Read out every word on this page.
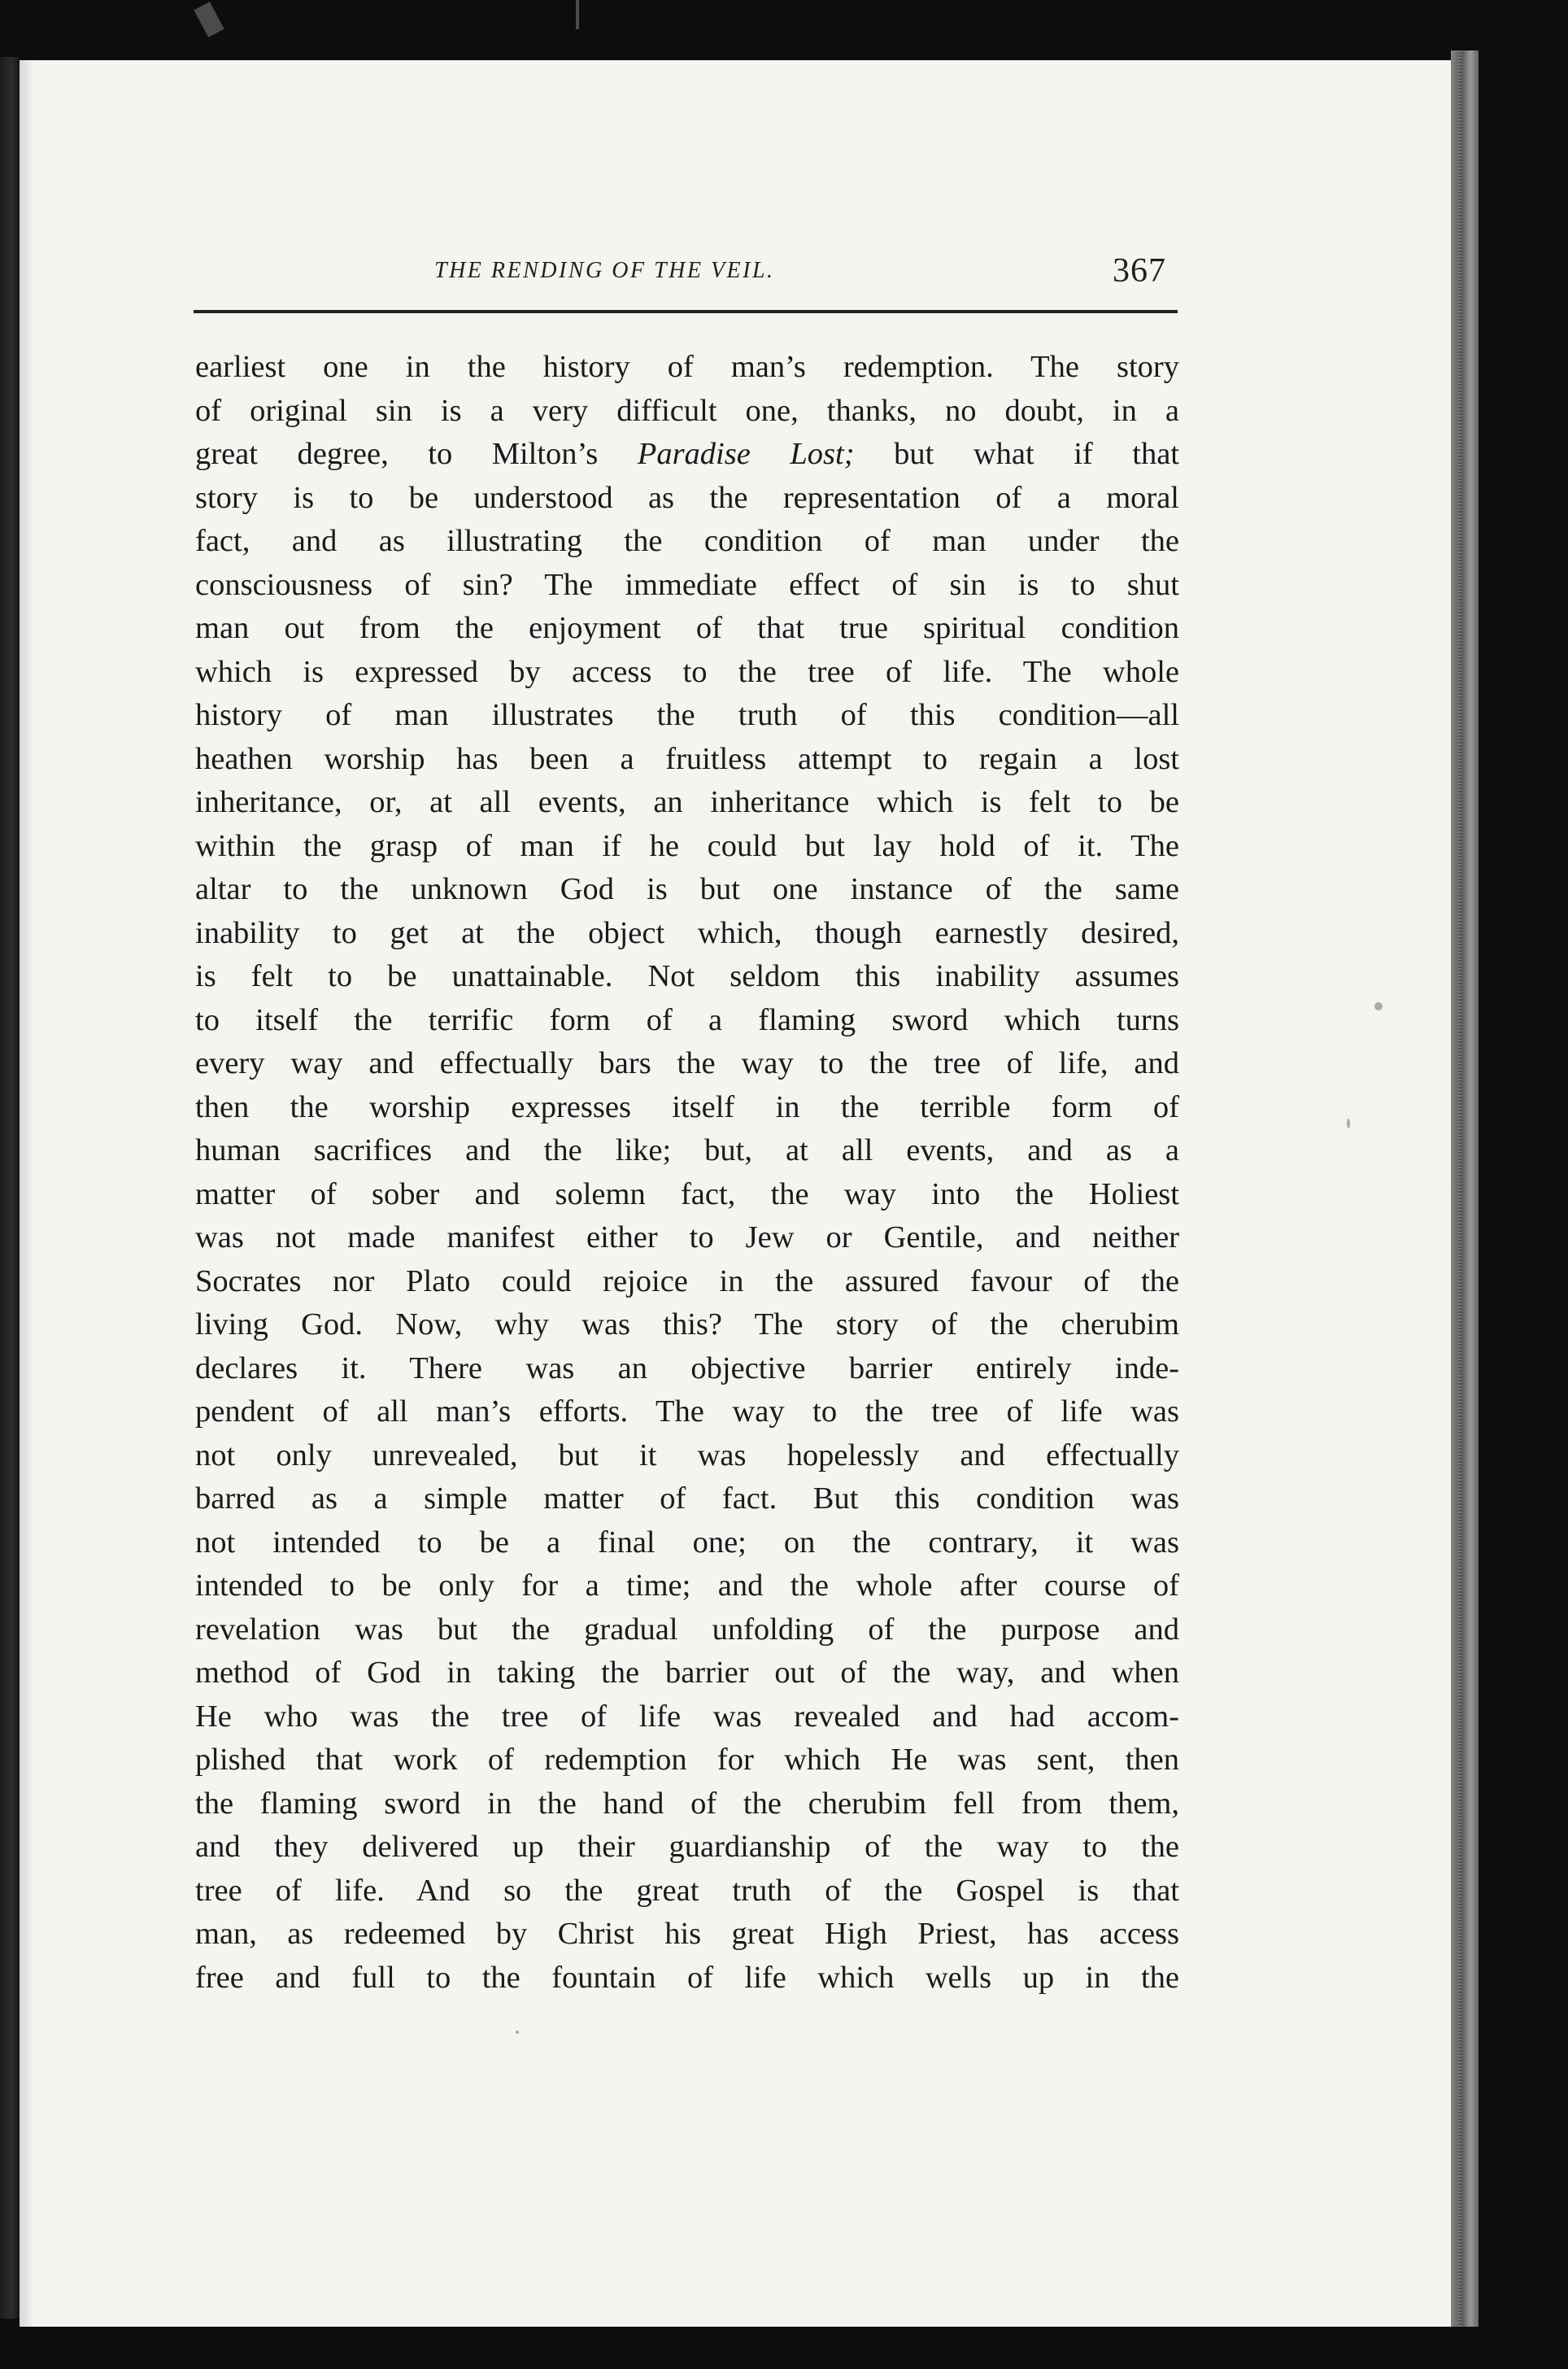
THE RENDING OF THE VEIL.	367
earliest one in the history of man’s redemption. The story
of original sin is a very difficult one, thanks, no doubt, in a
great degree, to Milton’s Paradise Lost; but what if that
story is to be understood as the representation of a moral
fact, and as illustrating the condition of man under the
consciousness of sin? The immediate effect of sin is to shut
man out from the enjoyment of that true spiritual condition
which is expressed by access to the tree of life. The whole
history of man illustrates the truth of this condition—all
heathen worship has been a fruitless attempt to regain a lost
inheritance, or, at all events, an inheritance which is felt to be
within the grasp of man if he could but lay hold of it. The
altar to the unknown God is but one instance of the same
inability to get at the object which, though earnestly desired,
is felt to be unattainable. Not seldom this inability assumes
to itself the terrific form of a flaming sword which turns
every way and effectually bars the way to the tree of life, and
then the worship expresses itself in the terrible form of
human sacrifices and the like; but, at all events, and as a
matter of sober and solemn fact, the way into the Holiest
was not made manifest either to Jew or Gentile, and neither
Socrates nor Plato could rejoice in the assured favour of the
living God. Now, why was this? The story of the cherubim
declares it. There was an objective barrier entirely inde-
pendent of all man’s efforts. The way to the tree of life was
not only unrevealed, but it was hopelessly and effectually
barred as a simple matter of fact. But this condition was
not intended to be a final one; on the contrary, it was
intended to be only for a time; and the whole after course of
revelation was but the gradual unfolding of the purpose and
method of God in taking the barrier out of the way, and when
He who was the tree of life was revealed and had accom-
plished that work of redemption for which He was sent, then
the flaming sword in the hand of the cherubim fell from them,
and they delivered up their guardianship of the way to the
tree of life. And so the great truth of the Gospel is that
man, as redeemed by Christ his great High Priest, has access
free and full to the fountain of life which wells up in the
